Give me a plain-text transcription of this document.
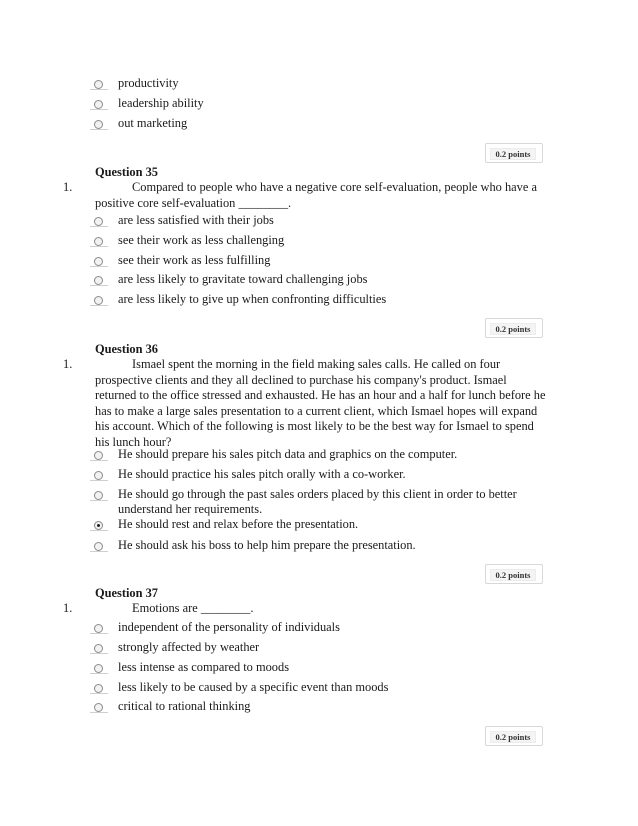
productivity
leadership ability
out marketing
0.2 points
Question 35
1.	Compared to people who have a negative core self-evaluation, people who have a positive core self-evaluation ________.
are less satisfied with their jobs
see their work as less challenging
see their work as less fulfilling
are less likely to gravitate toward challenging jobs
are less likely to give up when confronting difficulties
0.2 points
Question 36
1.	Ismael spent the morning in the field making sales calls. He called on four prospective clients and they all declined to purchase his company's product. Ismael returned to the office stressed and exhausted. He has an hour and a half for lunch before he has to make a large sales presentation to a current client, which Ismael hopes will expand his account. Which of the following is most likely to be the best way for Ismael to spend his lunch hour?
He should prepare his sales pitch data and graphics on the computer.
He should practice his sales pitch orally with a co-worker.
He should go through the past sales orders placed by this client in order to better understand her requirements.
He should rest and relax before the presentation.
He should ask his boss to help him prepare the presentation.
0.2 points
Question 37
1.	Emotions are ________.
independent of the personality of individuals
strongly affected by weather
less intense as compared to moods
less likely to be caused by a specific event than moods
critical to rational thinking
0.2 points
